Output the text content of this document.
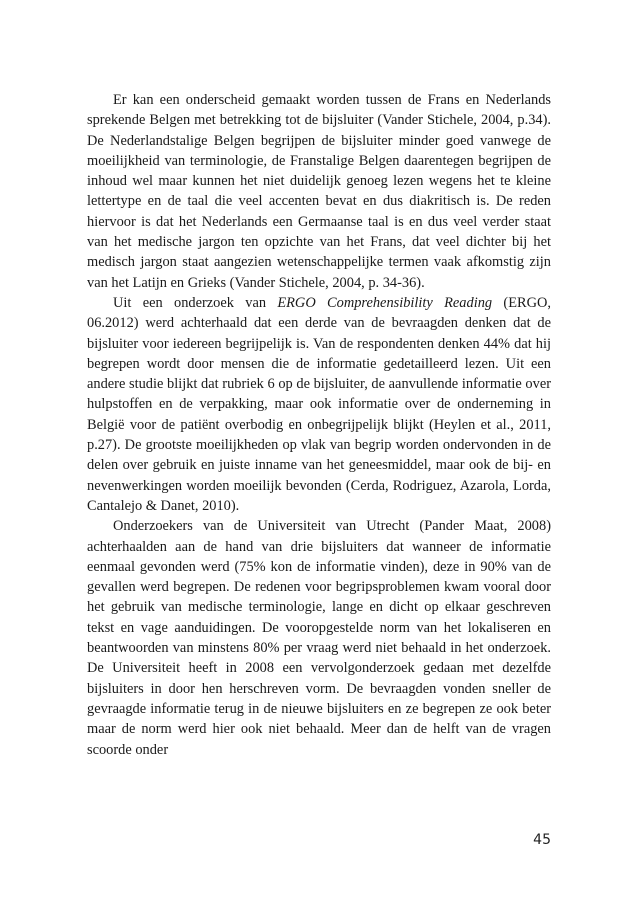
Er kan een onderscheid gemaakt worden tussen de Frans en Nederlands sprekende Belgen met betrekking tot de bijsluiter (Vander Stichele, 2004, p.34). De Nederlandstalige Belgen begrijpen de bijsluiter minder goed vanwege de moeilijkheid van terminologie, de Franstalige Belgen daarentegen begrijpen de inhoud wel maar kunnen het niet duidelijk genoeg lezen wegens het te kleine lettertype en de taal die veel accenten bevat en dus diakritisch is. De reden hiervoor is dat het Nederlands een Germaanse taal is en dus veel verder staat van het medische jargon ten opzichte van het Frans, dat veel dichter bij het medisch jargon staat aangezien wetenschappelijke termen vaak afkomstig zijn van het Latijn en Grieks (Vander Stichele, 2004, p. 34-36).

Uit een onderzoek van ERGO Comprehensibility Reading (ERGO, 06.2012) werd achterhaald dat een derde van de bevraagden denken dat de bijsluiter voor iedereen begrijpelijk is. Van de respondenten denken 44% dat hij begrepen wordt door mensen die de informatie gedetailleerd lezen. Uit een andere studie blijkt dat rubriek 6 op de bijsluiter, de aanvullende informatie over hulpstoffen en de verpakking, maar ook informatie over de onderneming in België voor de patiënt overbodig en onbegrijpelijk blijkt (Heylen et al., 2011, p.27). De grootste moeilijkheden op vlak van begrip worden ondervonden in de delen over gebruik en juiste inname van het geneesmiddel, maar ook de bij- en nevenwerkingen worden moeilijk bevonden (Cerda, Rodriguez, Azarola, Lorda, Cantalejo & Danet, 2010).

Onderzoekers van de Universiteit van Utrecht (Pander Maat, 2008) achterhaalden aan de hand van drie bijsluiters dat wanneer de informatie eenmaal gevonden werd (75% kon de informatie vinden), deze in 90% van de gevallen werd begrepen. De redenen voor begripsproblemen kwam vooral door het gebruik van medische terminologie, lange en dicht op elkaar geschreven tekst en vage aanduidingen. De vooropgestelde norm van het lokaliseren en beantwoorden van minstens 80% per vraag werd niet behaald in het onderzoek. De Universiteit heeft in 2008 een vervolgonderzoek gedaan met dezelfde bijsluiters in door hen herschreven vorm. De bevraagden vonden sneller de gevraagde informatie terug in de nieuwe bijsluiters en ze begrepen ze ook beter maar de norm werd hier ook niet behaald. Meer dan de helft van de vragen scoorde onder

45
